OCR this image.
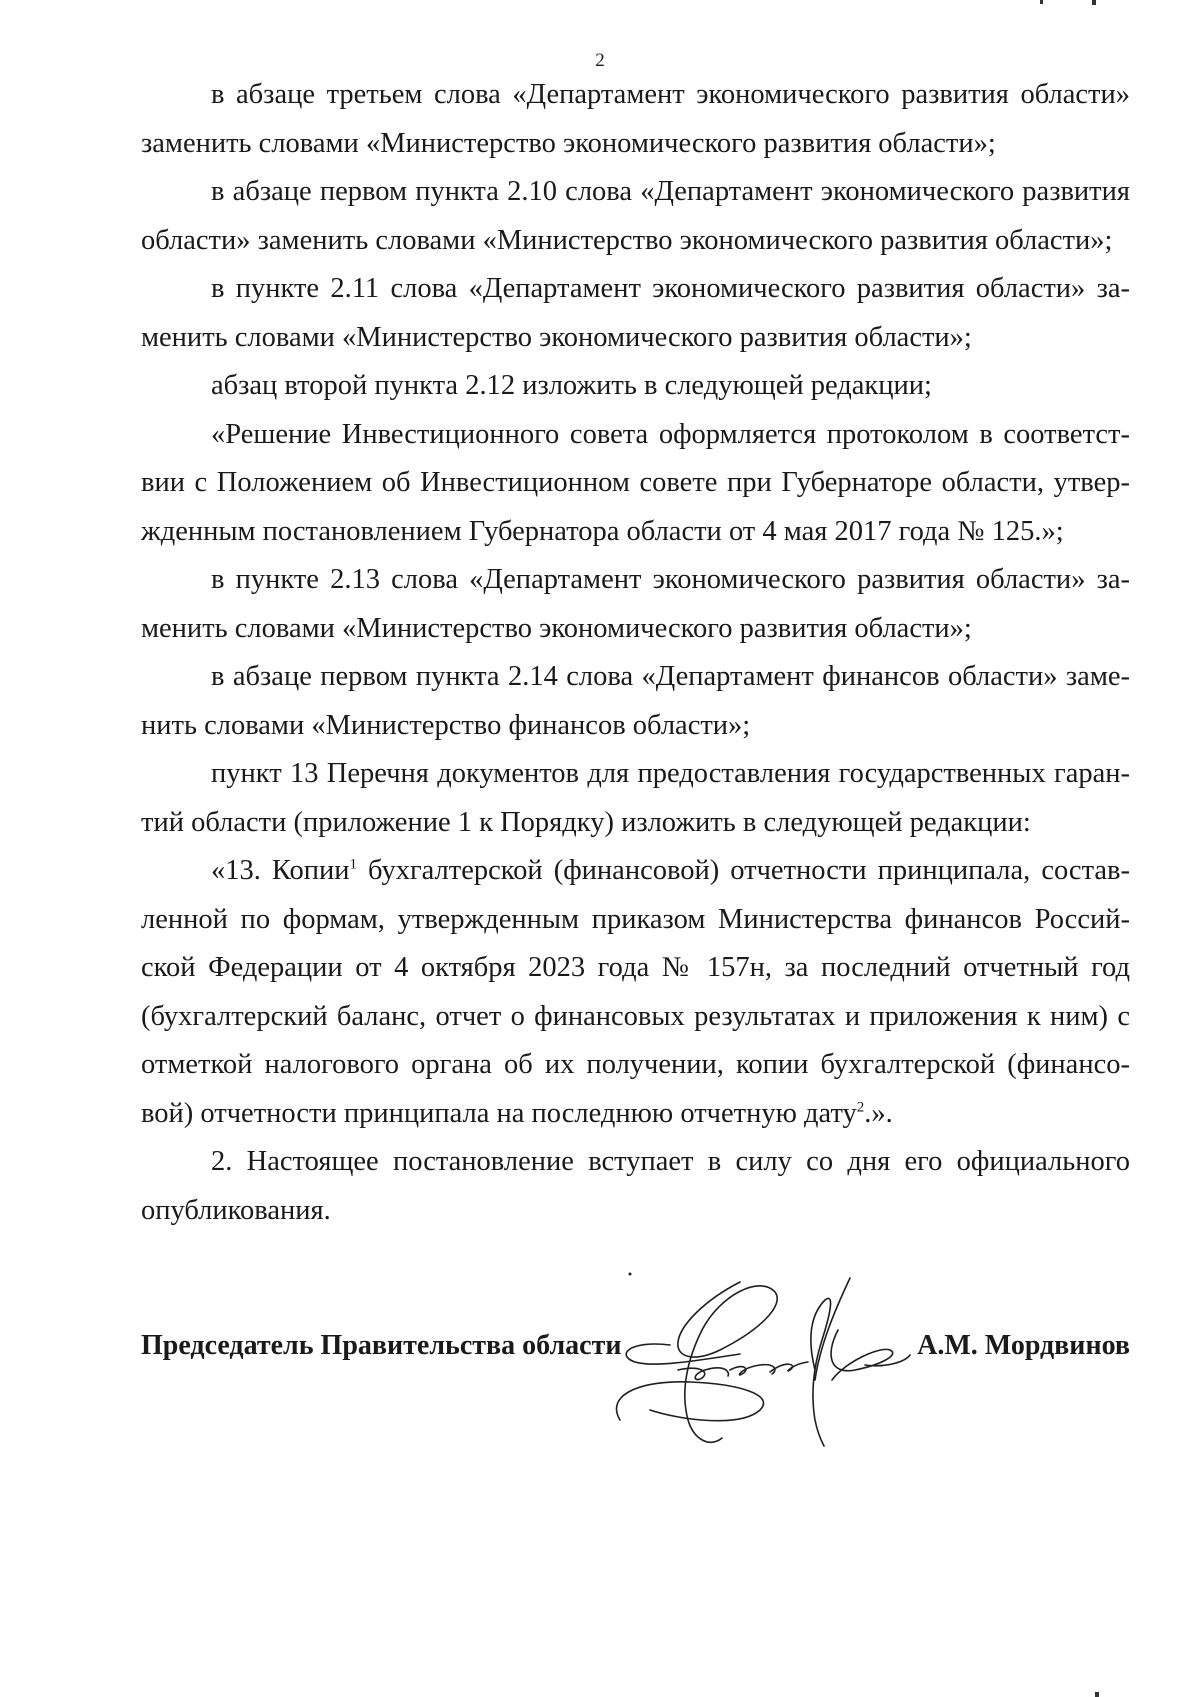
2

в абзаце третьем слова «Департамент экономического развития области» заменить словами «Министерство экономического развития области»;

в абзаце первом пункта 2.10 слова «Департамент экономического развития области» заменить словами «Министерство экономического развития области»;

в пункте 2.11 слова «Департамент экономического развития области» заменить словами «Министерство экономического развития области»;

абзац второй пункта 2.12 изложить в следующей редакции;

«Решение Инвестиционного совета оформляется протоколом в соответствии с Положением об Инвестиционном совете при Губернаторе области, утвержденным постановлением Губернатора области от 4 мая 2017 года № 125.»;

в пункте 2.13 слова «Департамент экономического развития области» заменить словами «Министерство экономического развития области»;

в абзаце первом пункта 2.14 слова «Департамент финансов области» заменить словами «Министерство финансов области»;

пункт 13 Перечня документов для предоставления государственных гарантий области (приложение 1 к Порядку) изложить в следующей редакции:

«13. Копии$^1$ бухгалтерской (финансовой) отчетности принципала, составленной по формам, утвержденным приказом Министерства финансов Российской Федерации от 4 октября 2023 года № 157н, за последний отчетный год (бухгалтерский баланс, отчет о финансовых результатах и приложения к ним) с отметкой налогового органа об их получении, копии бухгалтерской (финансовой) отчетности принципала на последнюю отчетную дату$^2$.».

2. Настоящее постановление вступает в силу со дня его официального опубликования.

Председатель Правительства области	А.М. Мордвинов
